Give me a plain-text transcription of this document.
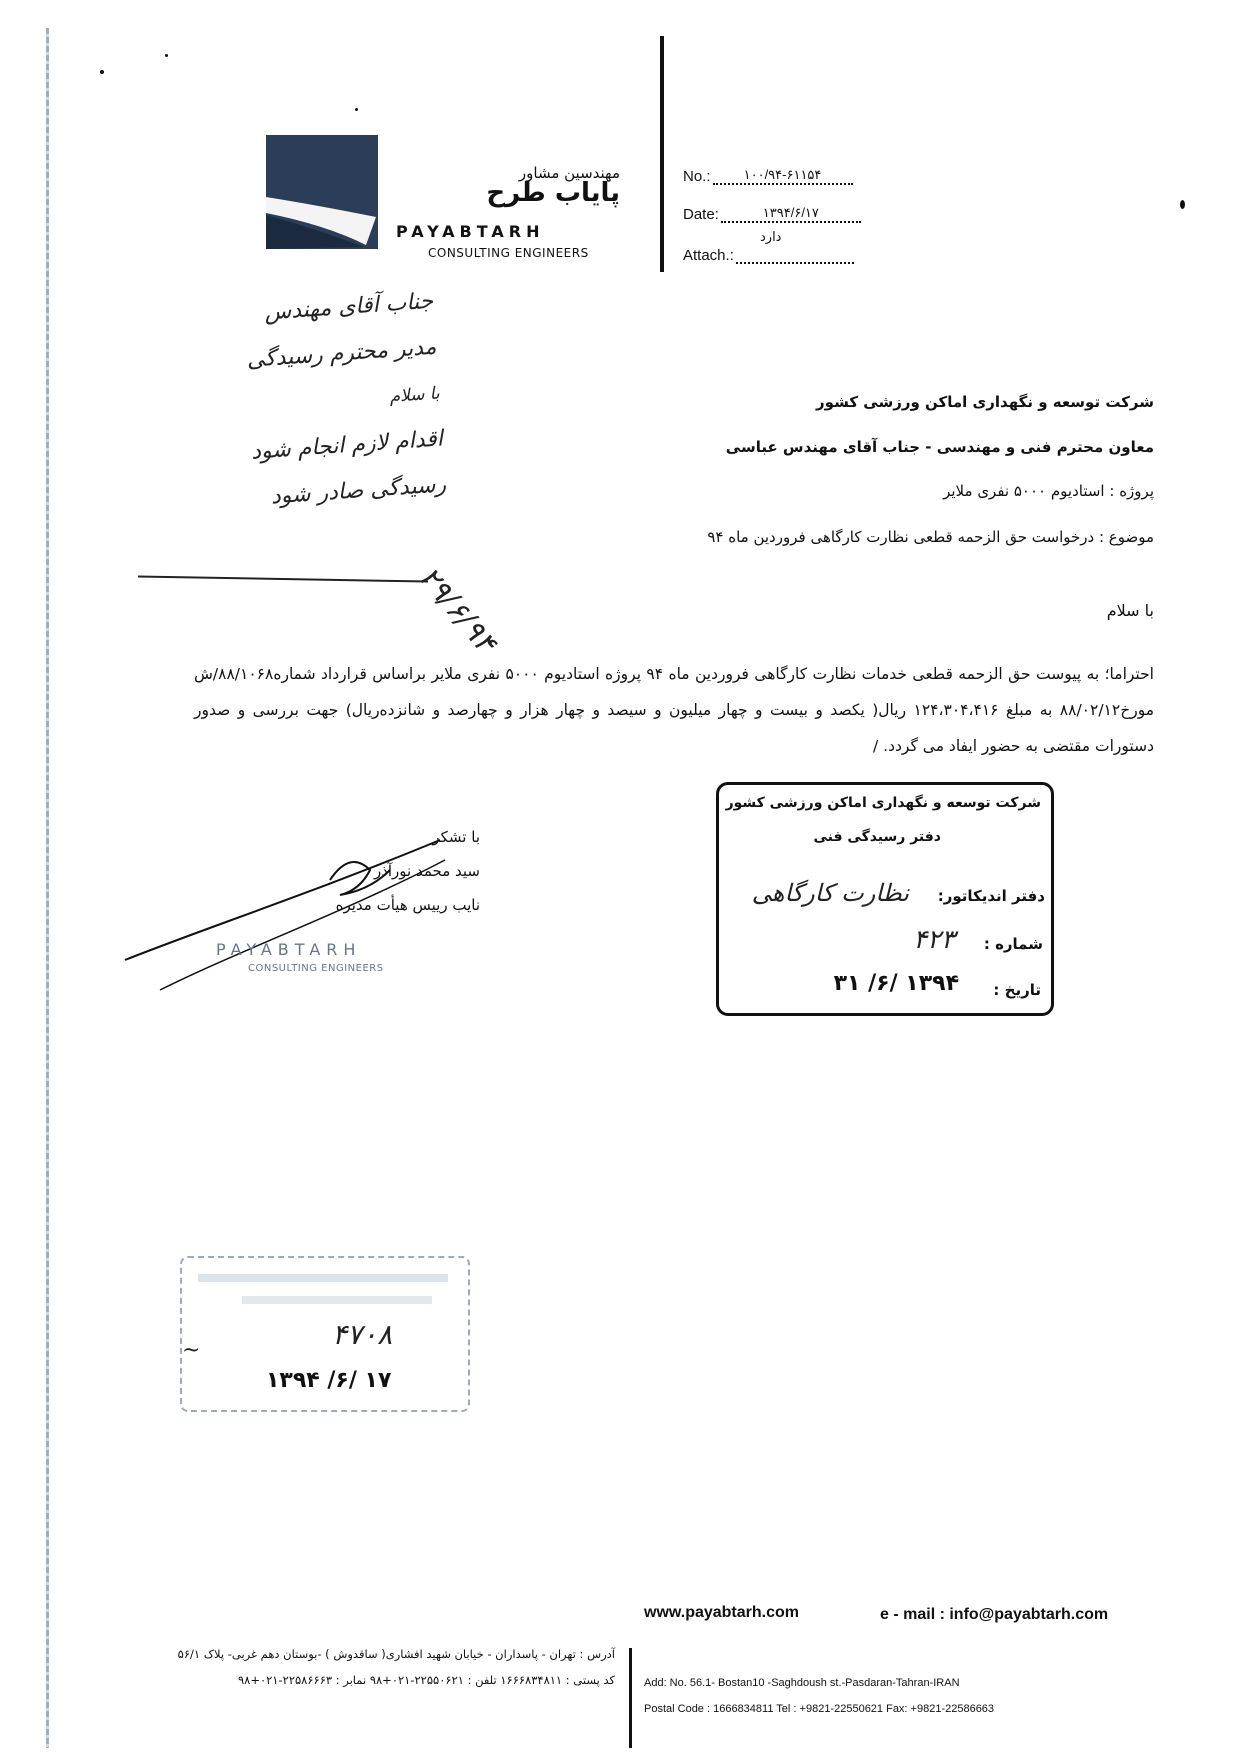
مهندسین مشاور
پایاب طرح
PAYABTARH
CONSULTING ENGINEERS
No.:	۱۰۰/۹۴-۶۱۱۵۴
Date:	۱۳۹۴/۶/۱۷
Attach.:
دارد
جناب آقای مهندس
مدیر محترم رسیدگی
با سلام
اقدام لازم انجام شود
رسیدگی صادر شود
۲۹/۶/۹۴
شرکت توسعه و نگهداری اماکن ورزشی کشور
معاون محترم فنی و مهندسی - جناب آقای مهندس عباسی
پروژه : استادیوم ۵۰۰۰ نفری ملایر
موضوع : درخواست حق الزحمه قطعی نظارت کارگاهی فروردین ماه ۹۴
با سلام
احتراما؛ به پیوست حق الزحمه قطعی خدمات نظارت کارگاهی فروردین ماه ۹۴ پروژه استادیوم ۵۰۰۰ نفری ملایر براساس قرارداد شماره۸۸/۱۰۶۸/ش مورخ۸۸/۰۲/۱۲ به مبلغ ۱۲۴،۳۰۴،۴۱۶ ریال( یکصد و بیست و چهار میلیون و سیصد و چهار هزار و چهارصد و شانزده‌ریال) جهت بررسی و صدور دستورات مقتضی به حضور ایفاد می گردد. /
با تشکر
سید محمد نورآذر
نایب رییس هیأت مدیره
PAYABTARH
CONSULTING ENGINEERS
شرکت توسعه و نگهداری اماکن ورزشی کشور
دفتر رسیدگی فنی
دفتر اندیکاتور:
نظارت کارگاهی
شماره :
۴۲۳
تاریخ :
۱۳۹۴ /۶/ ۳۱
۴۷۰۸
~
۱۳۹۴ /۶/ ۱۷
www.payabtarh.com	e - mail : info@payabtarh.com
آدرس : تهران - پاسداران - خیابان شهید افشاری( ساقدوش ) -بوستان دهم غربی- پلاک ۵۶/۱
کد پستی : ۱۶۶۶۸۳۴۸۱۱ تلفن : ۲۲۵۵۰۶۲۱-۰۲۱+۹۸ نمابر : ۲۲۵۸۶۶۶۳-۰۲۱+۹۸	Add: No. 56.1- Bostan10 -Saghdoush st.-Pasdaran-Tahran-IRAN
Postal Code : 1666834811 Tel : +9821-22550621 Fax: +9821-22586663
